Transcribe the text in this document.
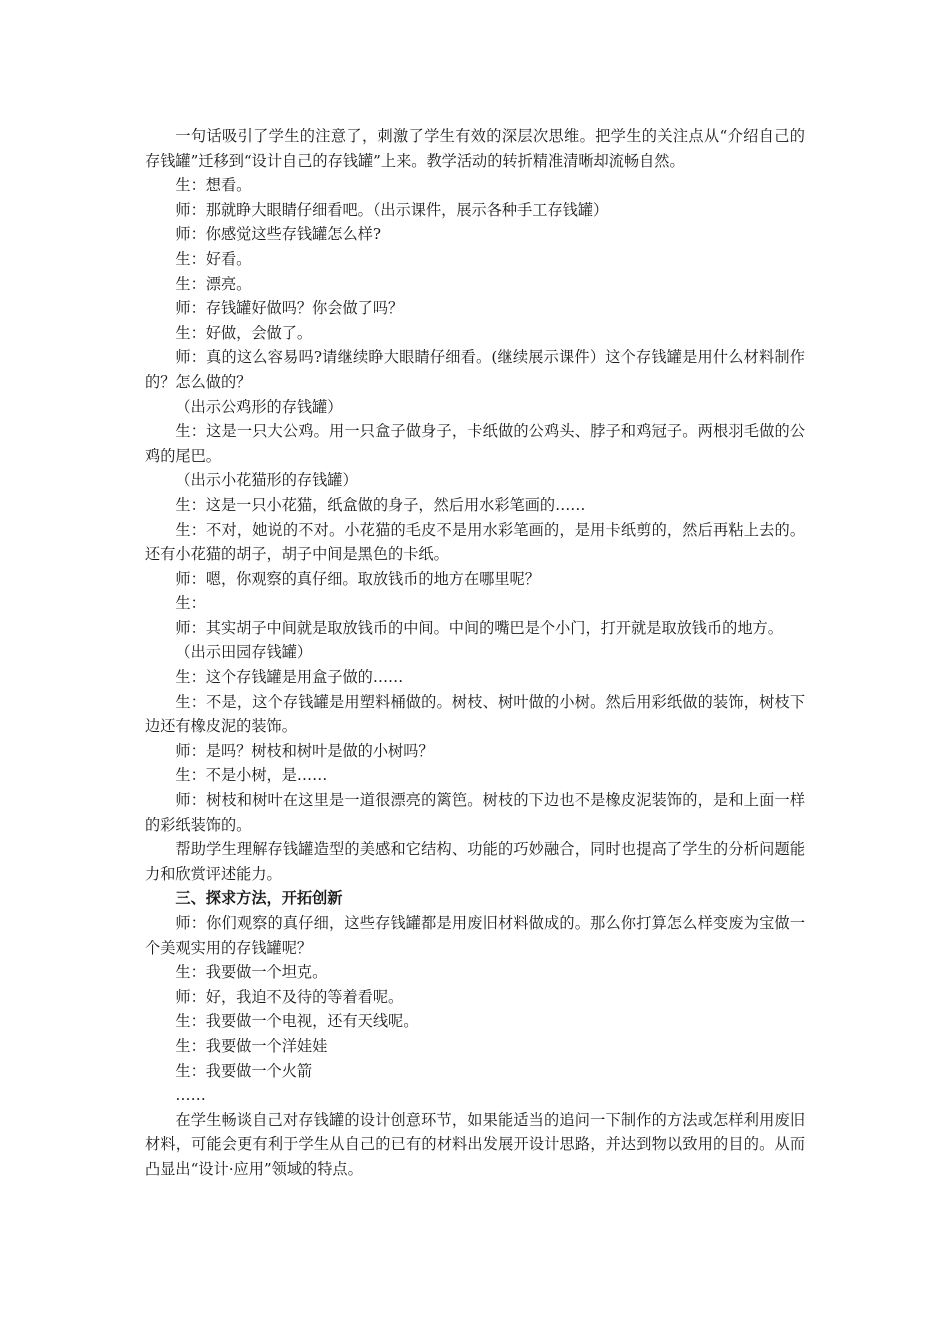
一句话吸引了学生的注意了，刺激了学生有效的深层次思维。把学生的关注点从“介绍自己的存钱罐”迁移到“设计自己的存钱罐”上来。教学活动的转折精准清晰却流畅自然。

生：想看。

师：那就睁大眼睛仔细看吧。（出示课件，展示各种手工存钱罐）

师：你感觉这些存钱罐怎么样?

生：好看。

生：漂亮。

师：存钱罐好做吗？你会做了吗？

生：好做，会做了。

师：真的这么容易吗?请继续睁大眼睛仔细看。(继续展示课件）这个存钱罐是用什么材料制作的？怎么做的？

（出示公鸡形的存钱罐）

生：这是一只大公鸡。用一只盒子做身子，卡纸做的公鸡头、脖子和鸡冠子。两根羽毛做的公鸡的尾巴。

（出示小花猫形的存钱罐）

生：这是一只小花猫，纸盒做的身子，然后用水彩笔画的……

生：不对，她说的不对。小花猫的毛皮不是用水彩笔画的，是用卡纸剪的，然后再粘上去的。还有小花猫的胡子，胡子中间是黑色的卡纸。

师：嗯，你观察的真仔细。取放钱币的地方在哪里呢？

生：

师：其实胡子中间就是取放钱币的中间。中间的嘴巴是个小门，打开就是取放钱币的地方。

（出示田园存钱罐）

生：这个存钱罐是用盒子做的……

生：不是，这个存钱罐是用塑料桶做的。树枝、树叶做的小树。然后用彩纸做的装饰，树枝下边还有橡皮泥的装饰。

师：是吗？树枝和树叶是做的小树吗？

生：不是小树，是……

师：树枝和树叶在这里是一道很漂亮的篱笆。树枝的下边也不是橡皮泥装饰的，是和上面一样的彩纸装饰的。

帮助学生理解存钱罐造型的美感和它结构、功能的巧妙融合，同时也提高了学生的分析问题能力和欣赏评述能力。

三、探求方法，开拓创新

师：你们观察的真仔细，这些存钱罐都是用废旧材料做成的。那么你打算怎么样变废为宝做一个美观实用的存钱罐呢？

生：我要做一个坦克。

师：好，我迫不及待的等着看呢。

生：我要做一个电视，还有天线呢。

生：我要做一个洋娃娃

生：我要做一个火箭

……

在学生畅谈自己对存钱罐的设计创意环节，如果能适当的追问一下制作的方法或怎样利用废旧材料，可能会更有利于学生从自己的已有的材料出发展开设计思路，并达到物以致用的目的。从而凸显出“设计·应用”领域的特点。
